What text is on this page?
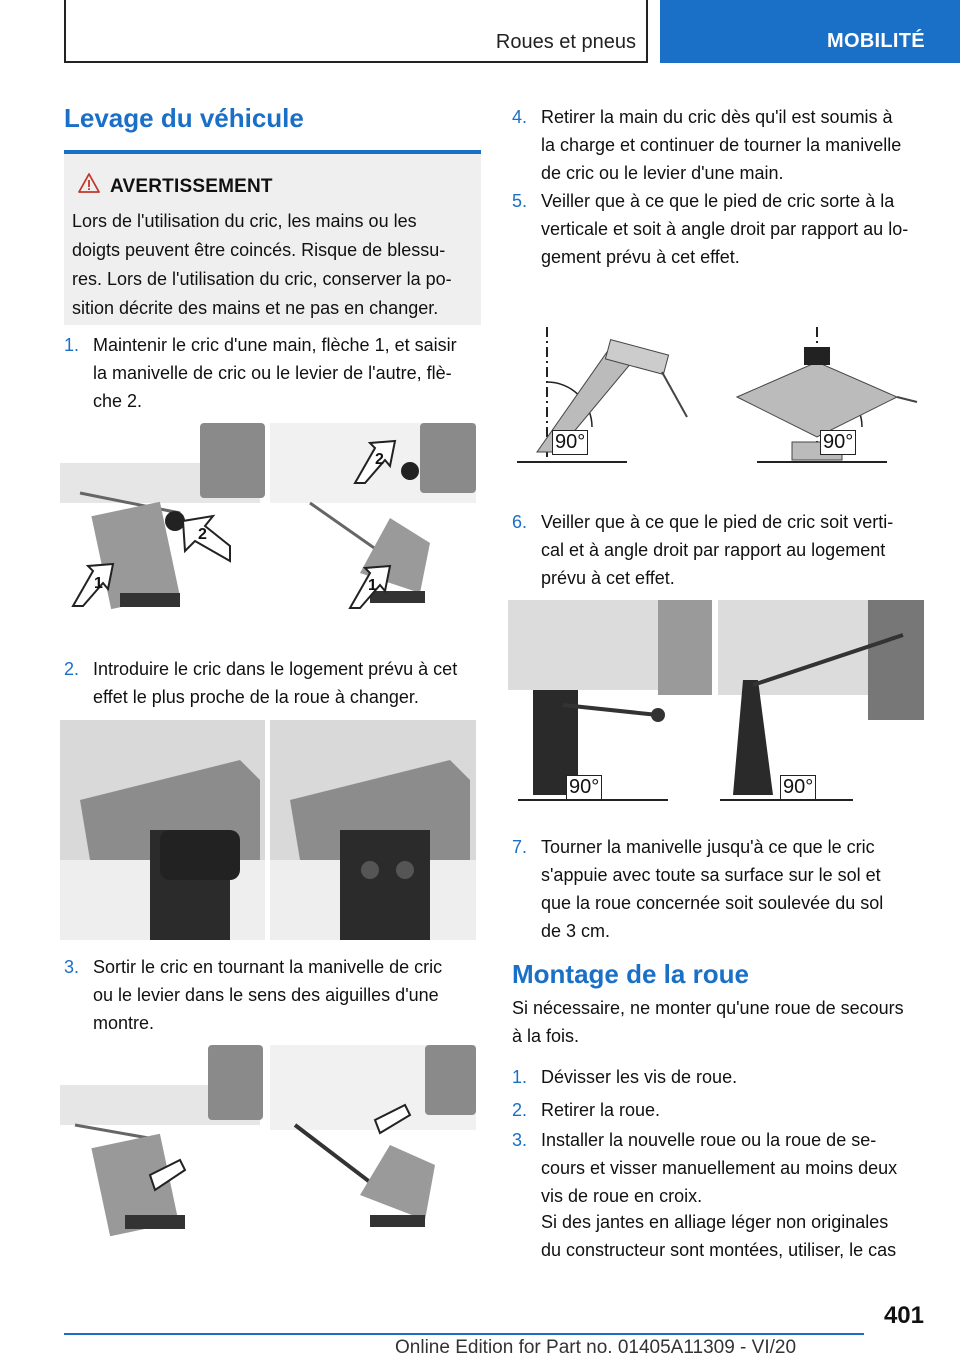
Roues et pneus	MOBILITÉ
Levage du véhicule
AVERTISSEMENT
Lors de l'utilisation du cric, les mains ou les
doigts peuvent être coincés. Risque de blessu‐
res. Lors de l'utilisation du cric, conserver la po‐
sition décrite des mains et ne pas en changer.
1. Maintenir le cric d'une main, flèche 1, et saisir
la manivelle de cric ou le levier de l'autre, flè‐
che 2.
1
2
2
1
2. Introduire le cric dans le logement prévu à cet
effet le plus proche de la roue à changer.
3. Sortir le cric en tournant la manivelle de cric
ou le levier dans le sens des aiguilles d'une
montre.
4. Retirer la main du cric dès qu'il est soumis à
la charge et continuer de tourner la manivelle
de cric ou le levier d'une main.
5. Veiller que à ce que le pied de cric sorte à la
verticale et soit à angle droit par rapport au lo‐
gement prévu à cet effet.
90°	90°
6. Veiller que à ce que le pied de cric soit verti‐
cal et à angle droit par rapport au logement
prévu à cet effet.
90°	90°
7. Tourner la manivelle jusqu'à ce que le cric
s'appuie avec toute sa surface sur le sol et
que la roue concernée soit soulevée du sol
de 3 cm.
Montage de la roue
Si nécessaire, ne monter qu'une roue de secours
à la fois.
1. Dévisser les vis de roue.
2. Retirer la roue.
3. Installer la nouvelle roue ou la roue de se‐
cours et visser manuellement au moins deux
vis de roue en croix.
Si des jantes en alliage léger non originales
du constructeur sont montées, utiliser, le cas
401
Online Edition for Part no. 01405A11309 - VI/20
